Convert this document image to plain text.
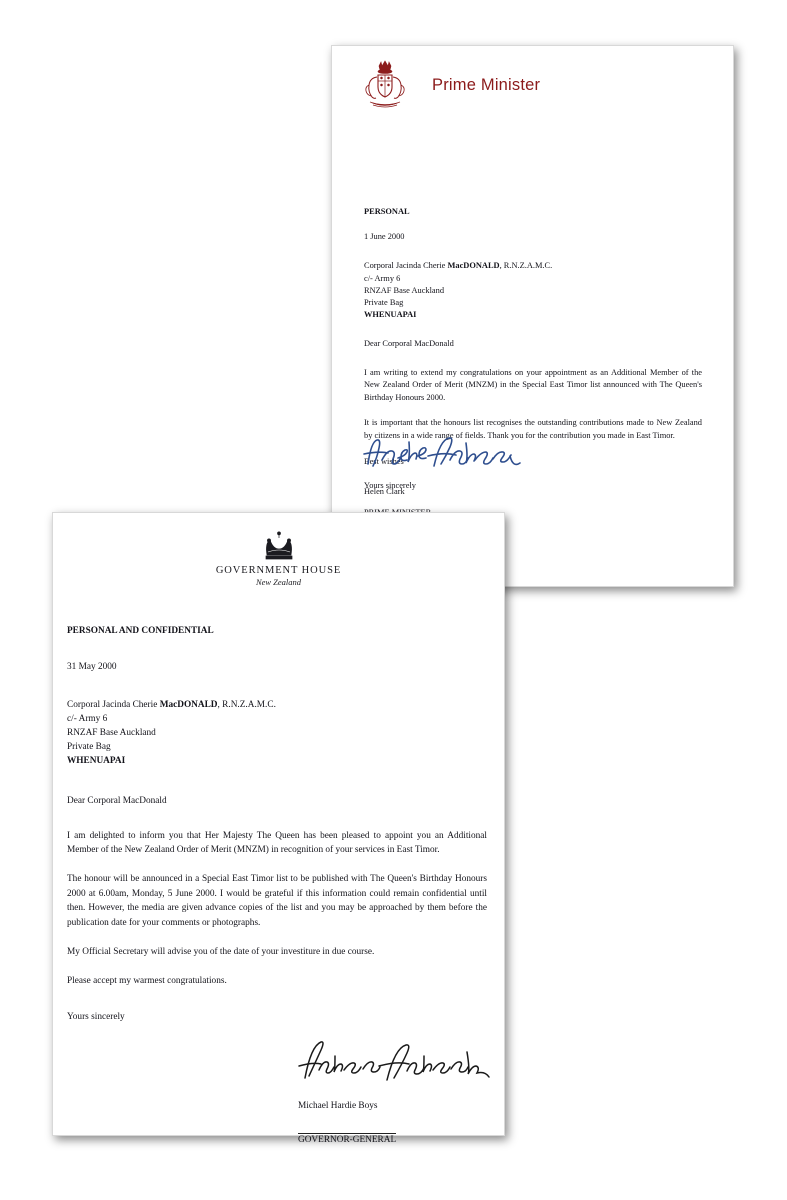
Prime Minister

PERSONAL

1 June 2000

Corporal Jacinda Cherie MacDONALD, R.N.Z.A.M.C.

c/- Army 6

RNZAF Base Auckland

Private Bag

WHENUAPAI

Dear Corporal MacDonald

I am writing to extend my congratulations on your appointment as an Additional Member of the New Zealand Order of Merit (MNZM) in the Special East Timor list announced with The Queen's Birthday Honours 2000.

It is important that the honours list recognises the outstanding contributions made to New Zealand by citizens in a wide range of fields. Thank you for the contribution you made in East Timor.

Best wishes

Yours sincerely

Helen Clark

GOVERNMENT HOUSE
New Zealand

PERSONAL AND CONFIDENTIAL

31 May 2000

Corporal Jacinda Cherie MacDONALD, R.N.Z.A.M.C.

c/- Army 6

RNZAF Base Auckland

Private Bag

WHENUAPAI

Dear Corporal MacDonald

I am delighted to inform you that Her Majesty The Queen has been pleased to appoint you an Additional Member of the New Zealand Order of Merit (MNZM) in recognition of your services in East Timor.

The honour will be announced in a Special East Timor list to be published with The Queen's Birthday Honours 2000 at 6.00am, Monday, 5 June 2000. I would be grateful if this information could remain confidential until then. However, the media are given advance copies of the list and you may be approached by them before the publication date for your comments or photographs.

My Official Secretary will advise you of the date of your investiture in due course.

Please accept my warmest congratulations.

Yours sincerely

Michael Hardie Boys

GOVERNOR-GENERAL
